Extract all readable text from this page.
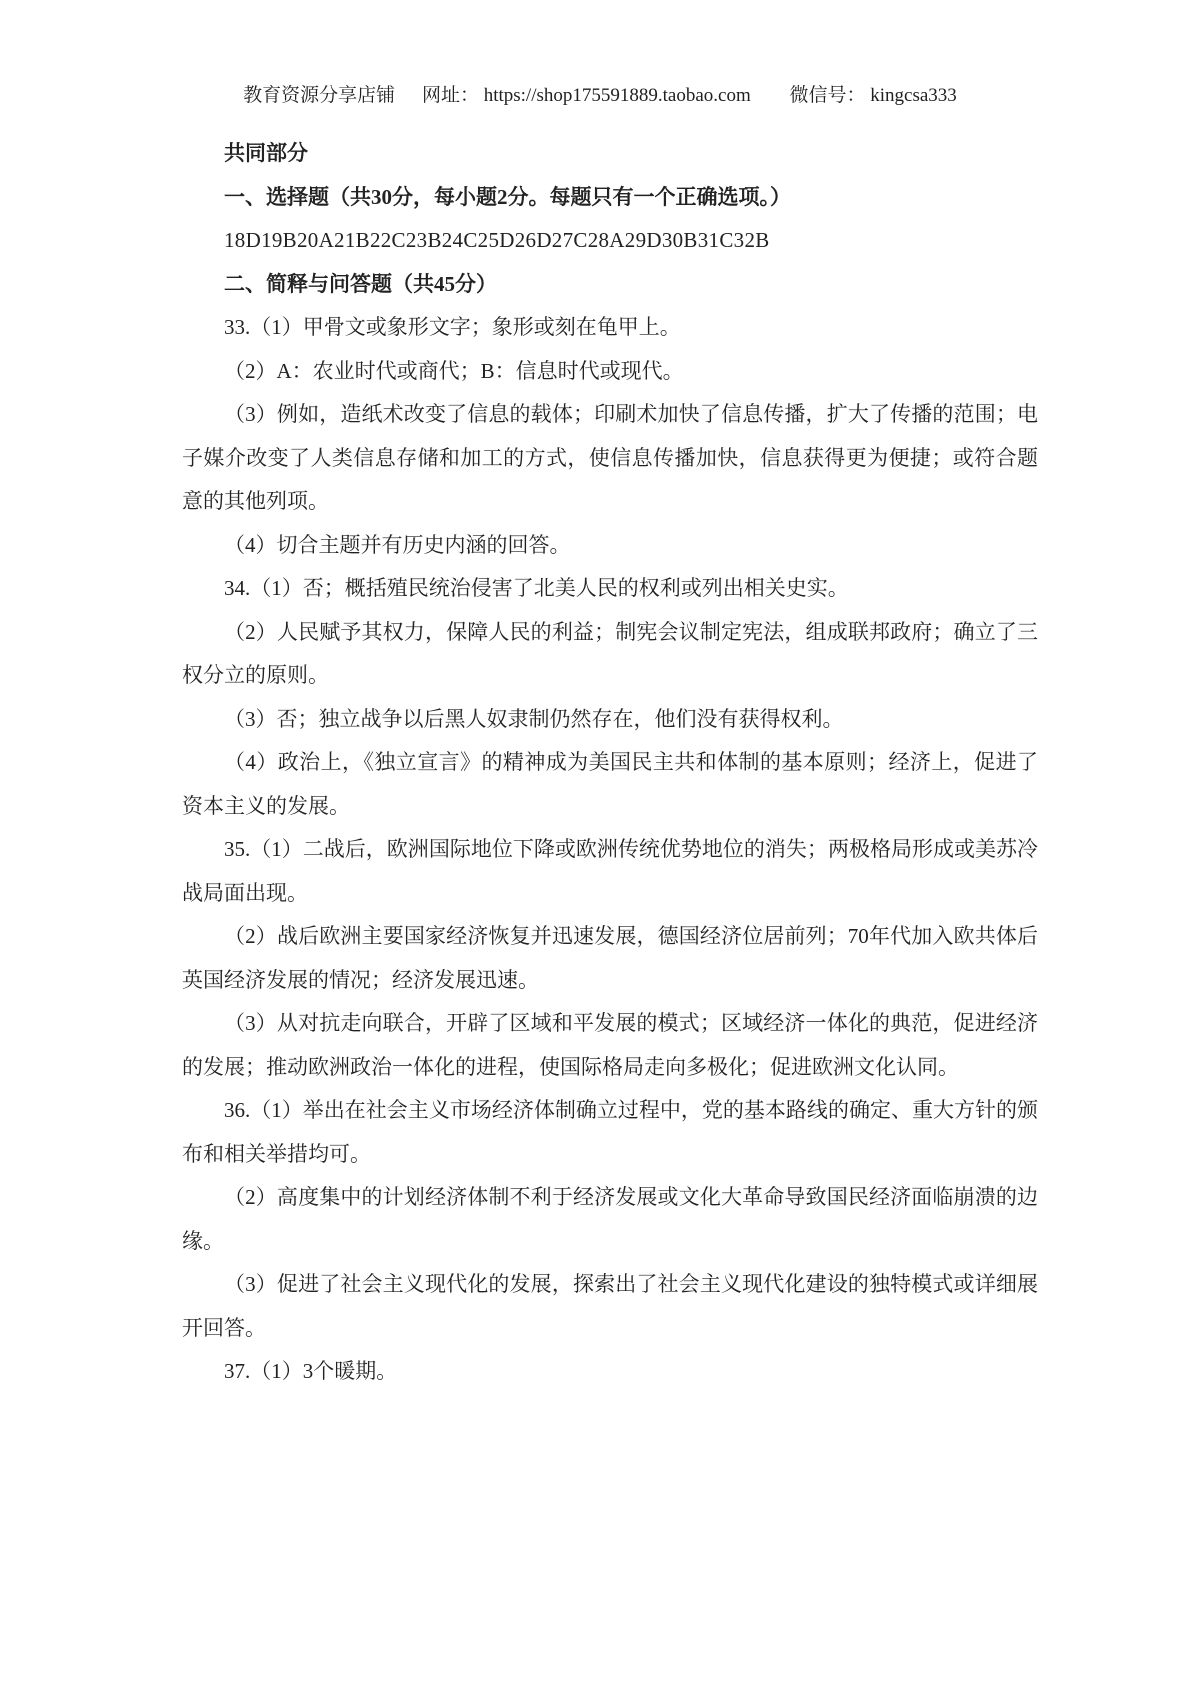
教育资源分享店铺 网址： https://shop175591889.taobao.com 微信号： kingcsa333

共同部分

一、选择题（共30分，每小题2分。每题只有一个正确选项。）

18D19B20A21B22C23B24C25D26D27C28A29D30B31C32B

二、简释与问答题（共45分）

33.（1）甲骨文或象形文字；象形或刻在龟甲上。

（2）A：农业时代或商代；B：信息时代或现代。

（3）例如，造纸术改变了信息的载体；印刷术加快了信息传播，扩大了传播的范围；电子媒介改变了人类信息存储和加工的方式，使信息传播加快，信息获得更为便捷；或符合题意的其他列项。

（4）切合主题并有历史内涵的回答。

34.（1）否；概括殖民统治侵害了北美人民的权利或列出相关史实。

（2）人民赋予其权力，保障人民的利益；制宪会议制定宪法，组成联邦政府；确立了三权分立的原则。

（3）否；独立战争以后黑人奴隶制仍然存在，他们没有获得权利。

（4）政治上，《独立宣言》的精神成为美国民主共和体制的基本原则；经济上，促进了资本主义的发展。

35.（1）二战后，欧洲国际地位下降或欧洲传统优势地位的消失；两极格局形成或美苏冷战局面出现。

（2）战后欧洲主要国家经济恢复并迅速发展，德国经济位居前列；70年代加入欧共体后英国经济发展的情况；经济发展迅速。

（3）从对抗走向联合，开辟了区域和平发展的模式；区域经济一体化的典范，促进经济的发展；推动欧洲政治一体化的进程，使国际格局走向多极化；促进欧洲文化认同。

36.（1）举出在社会主义市场经济体制确立过程中，党的基本路线的确定、重大方针的颁布和相关举措均可。

（2）高度集中的计划经济体制不利于经济发展或文化大革命导致国民经济面临崩溃的边缘。

（3）促进了社会主义现代化的发展，探索出了社会主义现代化建设的独特模式或详细展开回答。

37.（1）3个暖期。
